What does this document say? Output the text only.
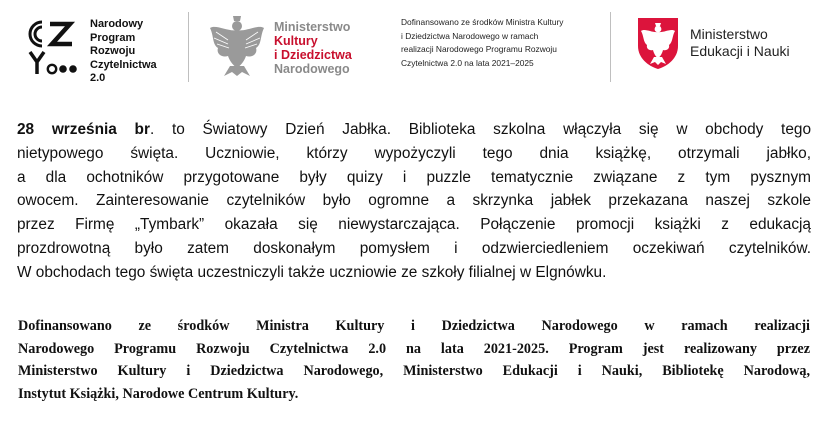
Narodowy
Program
Rozwoju
Czytelnictwa
2.0
Ministerstwo
Kultury
i Dziedzictwa
Narodowego
Dofinansowano ze środków Ministra Kultury
i Dziedzictwa Narodowego w ramach
realizacji Narodowego Programu Rozwoju
Czytelnictwa 2.0 na lata 2021–2025
Ministerstwo
Edukacji i Nauki
28 września br. to Światowy Dzień Jabłka. Biblioteka szkolna włączyła się w obchody tego
nietypowego święta. Uczniowie, którzy wypożyczyli tego dnia książkę, otrzymali jabłko,
a dla ochotników przygotowane były quizy i puzzle tematycznie związane z tym pysznym
owocem. Zainteresowanie czytelników było ogromne a skrzynka jabłek przekazana naszej szkole
przez Firmę „Tymbark” okazała się niewystarczająca. Połączenie promocji książki z edukacją
prozdrowotną było zatem doskonałym pomysłem i odzwierciedleniem oczekiwań czytelników.
W obchodach tego święta uczestniczyli także uczniowie ze szkoły filialnej w Elgnówku.
Dofinansowano ze środków Ministra Kultury i Dziedzictwa Narodowego w ramach realizacji
Narodowego Programu Rozwoju Czytelnictwa 2.0 na lata 2021-2025. Program jest realizowany przez
Ministerstwo Kultury i Dziedzictwa Narodowego, Ministerstwo Edukacji i Nauki, Bibliotekę Narodową,
Instytut Książki, Narodowe Centrum Kultury.
